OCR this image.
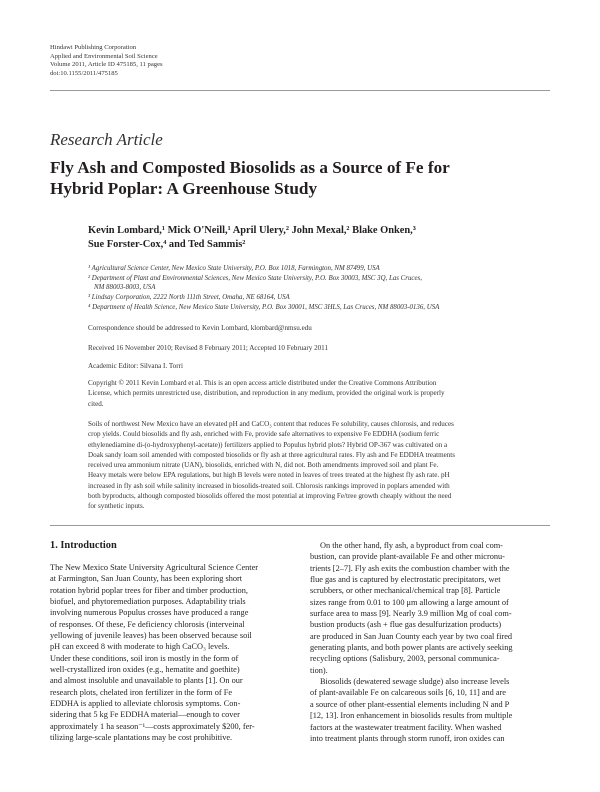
Hindawi Publishing Corporation
Applied and Environmental Soil Science
Volume 2011, Article ID 475185, 11 pages
doi:10.1155/2011/475185
Research Article
Fly Ash and Composted Biosolids as a Source of Fe for
Hybrid Poplar: A Greenhouse Study
Kevin Lombard,¹ Mick O'Neill,¹ April Ulery,² John Mexal,² Blake Onken,³
Sue Forster-Cox,⁴ and Ted Sammis²
¹ Agricultural Science Center, New Mexico State University, P.O. Box 1018, Farmington, NM 87499, USA
² Department of Plant and Environmental Sciences, New Mexico State University, P.O. Box 30003, MSC 3Q, Las Cruces,
NM 88003-8003, USA
³ Lindsay Corporation, 2222 North 111th Street, Omaha, NE 68164, USA
⁴ Department of Health Science, New Mexico State University, P.O. Box 30001, MSC 3HLS, Las Cruces, NM 88003-0136, USA
Correspondence should be addressed to Kevin Lombard, klombard@nmsu.edu
Received 16 November 2010; Revised 8 February 2011; Accepted 10 February 2011
Academic Editor: Silvana I. Torri
Copyright © 2011 Kevin Lombard et al. This is an open access article distributed under the Creative Commons Attribution
License, which permits unrestricted use, distribution, and reproduction in any medium, provided the original work is properly
cited.
Soils of northwest New Mexico have an elevated pH and CaCO₃ content that reduces Fe solubility, causes chlorosis, and reduces
crop yields. Could biosolids and fly ash, enriched with Fe, provide safe alternatives to expensive Fe EDDHA (sodium ferric
ethylenediamine di-(o-hydroxyphenyl-acetate)) fertilizers applied to Populus hybrid plots? Hybrid OP-367 was cultivated on a
Doak sandy loam soil amended with composted biosolids or fly ash at three agricultural rates. Fly ash and Fe EDDHA treatments
received urea ammonium nitrate (UAN), biosolids, enriched with N, did not. Both amendments improved soil and plant Fe.
Heavy metals were below EPA regulations, but high B levels were noted in leaves of trees treated at the highest fly ash rate. pH
increased in fly ash soil while salinity increased in biosolids-treated soil. Chlorosis rankings improved in poplars amended with
both byproducts, although composted biosolids offered the most potential at improving Fe/tree growth cheaply without the need
for synthetic inputs.
1. Introduction
The New Mexico State University Agricultural Science Center
at Farmington, San Juan County, has been exploring short
rotation hybrid poplar trees for fiber and timber production,
biofuel, and phytoremediation purposes. Adaptability trials
involving numerous Populus crosses have produced a range
of responses. Of these, Fe deficiency chlorosis (interveinal
yellowing of juvenile leaves) has been observed because soil
pH can exceed 8 with moderate to high CaCO₃ levels.
Under these conditions, soil iron is mostly in the form of
well-crystallized iron oxides (e.g., hematite and goethite)
and almost insoluble and unavailable to plants [1]. On our
research plots, chelated iron fertilizer in the form of Fe
EDDHA is applied to alleviate chlorosis symptoms. Con-
sidering that 5 kg Fe EDDHA material—enough to cover
approximately 1 ha season⁻¹—costs approximately $200, fer-
tilizing large-scale plantations may be cost prohibitive.
On the other hand, fly ash, a byproduct from coal com-
bustion, can provide plant-available Fe and other micronu-
trients [2–7]. Fly ash exits the combustion chamber with the
flue gas and is captured by electrostatic precipitators, wet
scrubbers, or other mechanical/chemical trap [8]. Particle
sizes range from 0.01 to 100 μm allowing a large amount of
surface area to mass [9]. Nearly 3.9 million Mg of coal com-
bustion products (ash + flue gas desulfurization products)
are produced in San Juan County each year by two coal fired
generating plants, and both power plants are actively seeking
recycling options (Salisbury, 2003, personal communica-
tion).
Biosolids (dewatered sewage sludge) also increase levels
of plant-available Fe on calcareous soils [6, 10, 11] and are
a source of other plant-essential elements including N and P
[12, 13]. Iron enhancement in biosolids results from multiple
factors at the wastewater treatment facility. When washed
into treatment plants through storm runoff, iron oxides can
